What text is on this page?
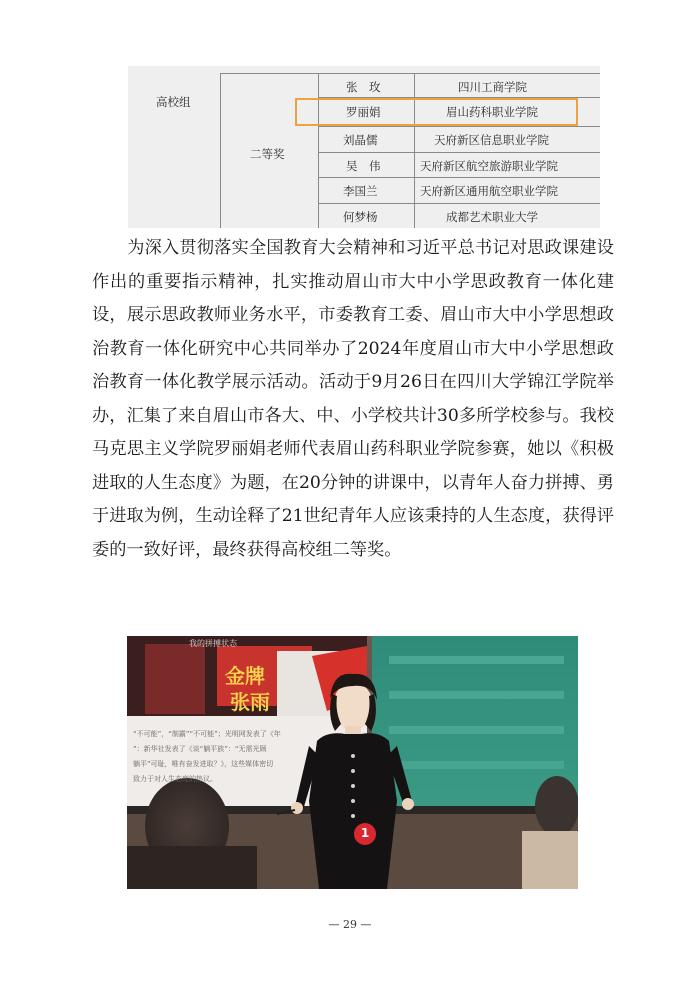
高校组
二等奖
张　玫	四川工商学院
罗丽娟	眉山药科职业学院
刘晶儒	天府新区信息职业学院
吴　伟	天府新区航空旅游职业学院
李国兰	天府新区通用航空职业学院
何梦杨	成都艺术职业大学
为深入贯彻落实全国教育大会精神和习近平总书记对思政课建设作出的重要指示精神，扎实推动眉山市大中小学思政教育一体化建设，展示思政教师业务水平，市委教育工委、眉山市大中小学思想政治教育一体化研究中心共同举办了2024年度眉山市大中小学思想政治教育一体化教学展示活动。活动于9月26日在四川大学锦江学院举办，汇集了来自眉山市各大、中、小学校共计30多所学校参与。我校马克思主义学院罗丽娟老师代表眉山药科职业学院参赛，她以《积极进取的人生态度》为题，在20分钟的讲课中，以青年人奋力拼搏、勇于进取为例，生动诠释了21世纪青年人应该秉持的人生态度，获得评委的一致好评，最终获得高校组二等奖。
我的拼搏状态
金牌
张雨
“不可能”，“制霸”“不可能”；光明网发表了《年
”：新华社发表了《谈“躺平族”：“无需光顾
躺平”可耻，唯有奋发进取？》，这些媒体密切
致力于对人生态度的热议。
1
— 29 —
